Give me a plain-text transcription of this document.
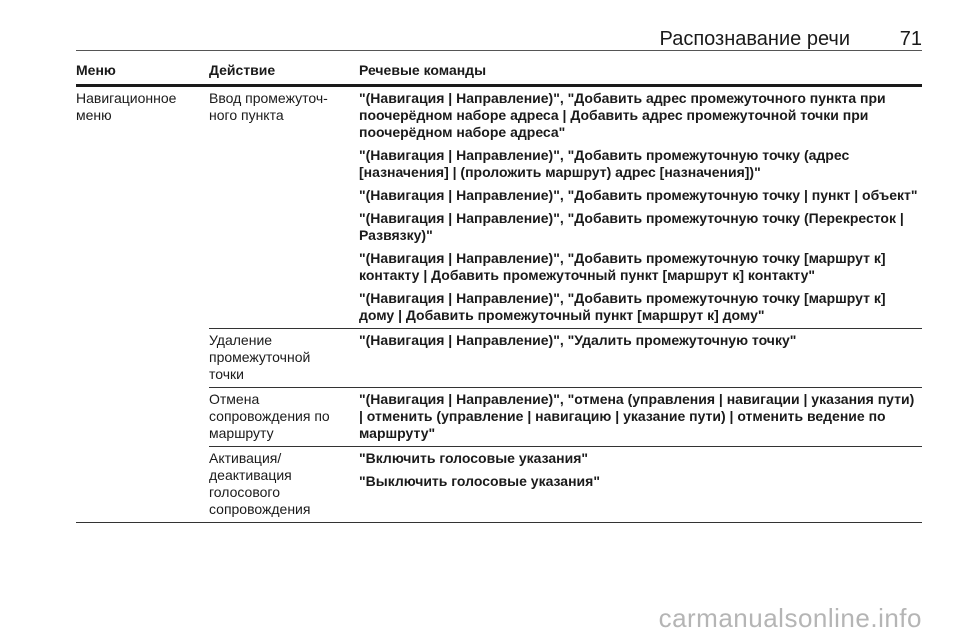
Распознавание речи 71
Меню	Действие	Речевые команды
Навигационное
меню
Ввод промежуточ-
ного пункта
"(Навигация | Направление)", "Добавить адрес промежуточного пункта при поочерёдном наборе адреса | Добавить адрес промежуточной точки при поочерёдном наборе адреса"
"(Навигация | Направление)", "Добавить промежуточную точку (адрес [назначения] | (проложить маршрут) адрес [назначения])"
"(Навигация | Направление)", "Добавить промежуточную точку | пункт | объект"
"(Навигация | Направление)", "Добавить промежуточную точку (Перекресток | Развязку)"
"(Навигация | Направление)", "Добавить промежуточную точку [маршрут к] контакту | Добавить промежуточный пункт [маршрут к] контакту"
"(Навигация | Направление)", "Добавить промежуточную точку [маршрут к] дому | Добавить промежуточный пункт [маршрут к] дому"
Удаление
промежуточной
точки
"(Навигация | Направление)", "Удалить промежуточную точку"
Отмена
сопровождения по
маршруту
"(Навигация | Направление)", "отмена (управления | навигации | указания пути) | отменить (управление | навигацию | указание пути) | отменить ведение по маршруту"
Активация/
деактивация
голосового
сопровождения
"Включить голосовые указания"
"Выключить голосовые указания"
carmanualsonline.info
